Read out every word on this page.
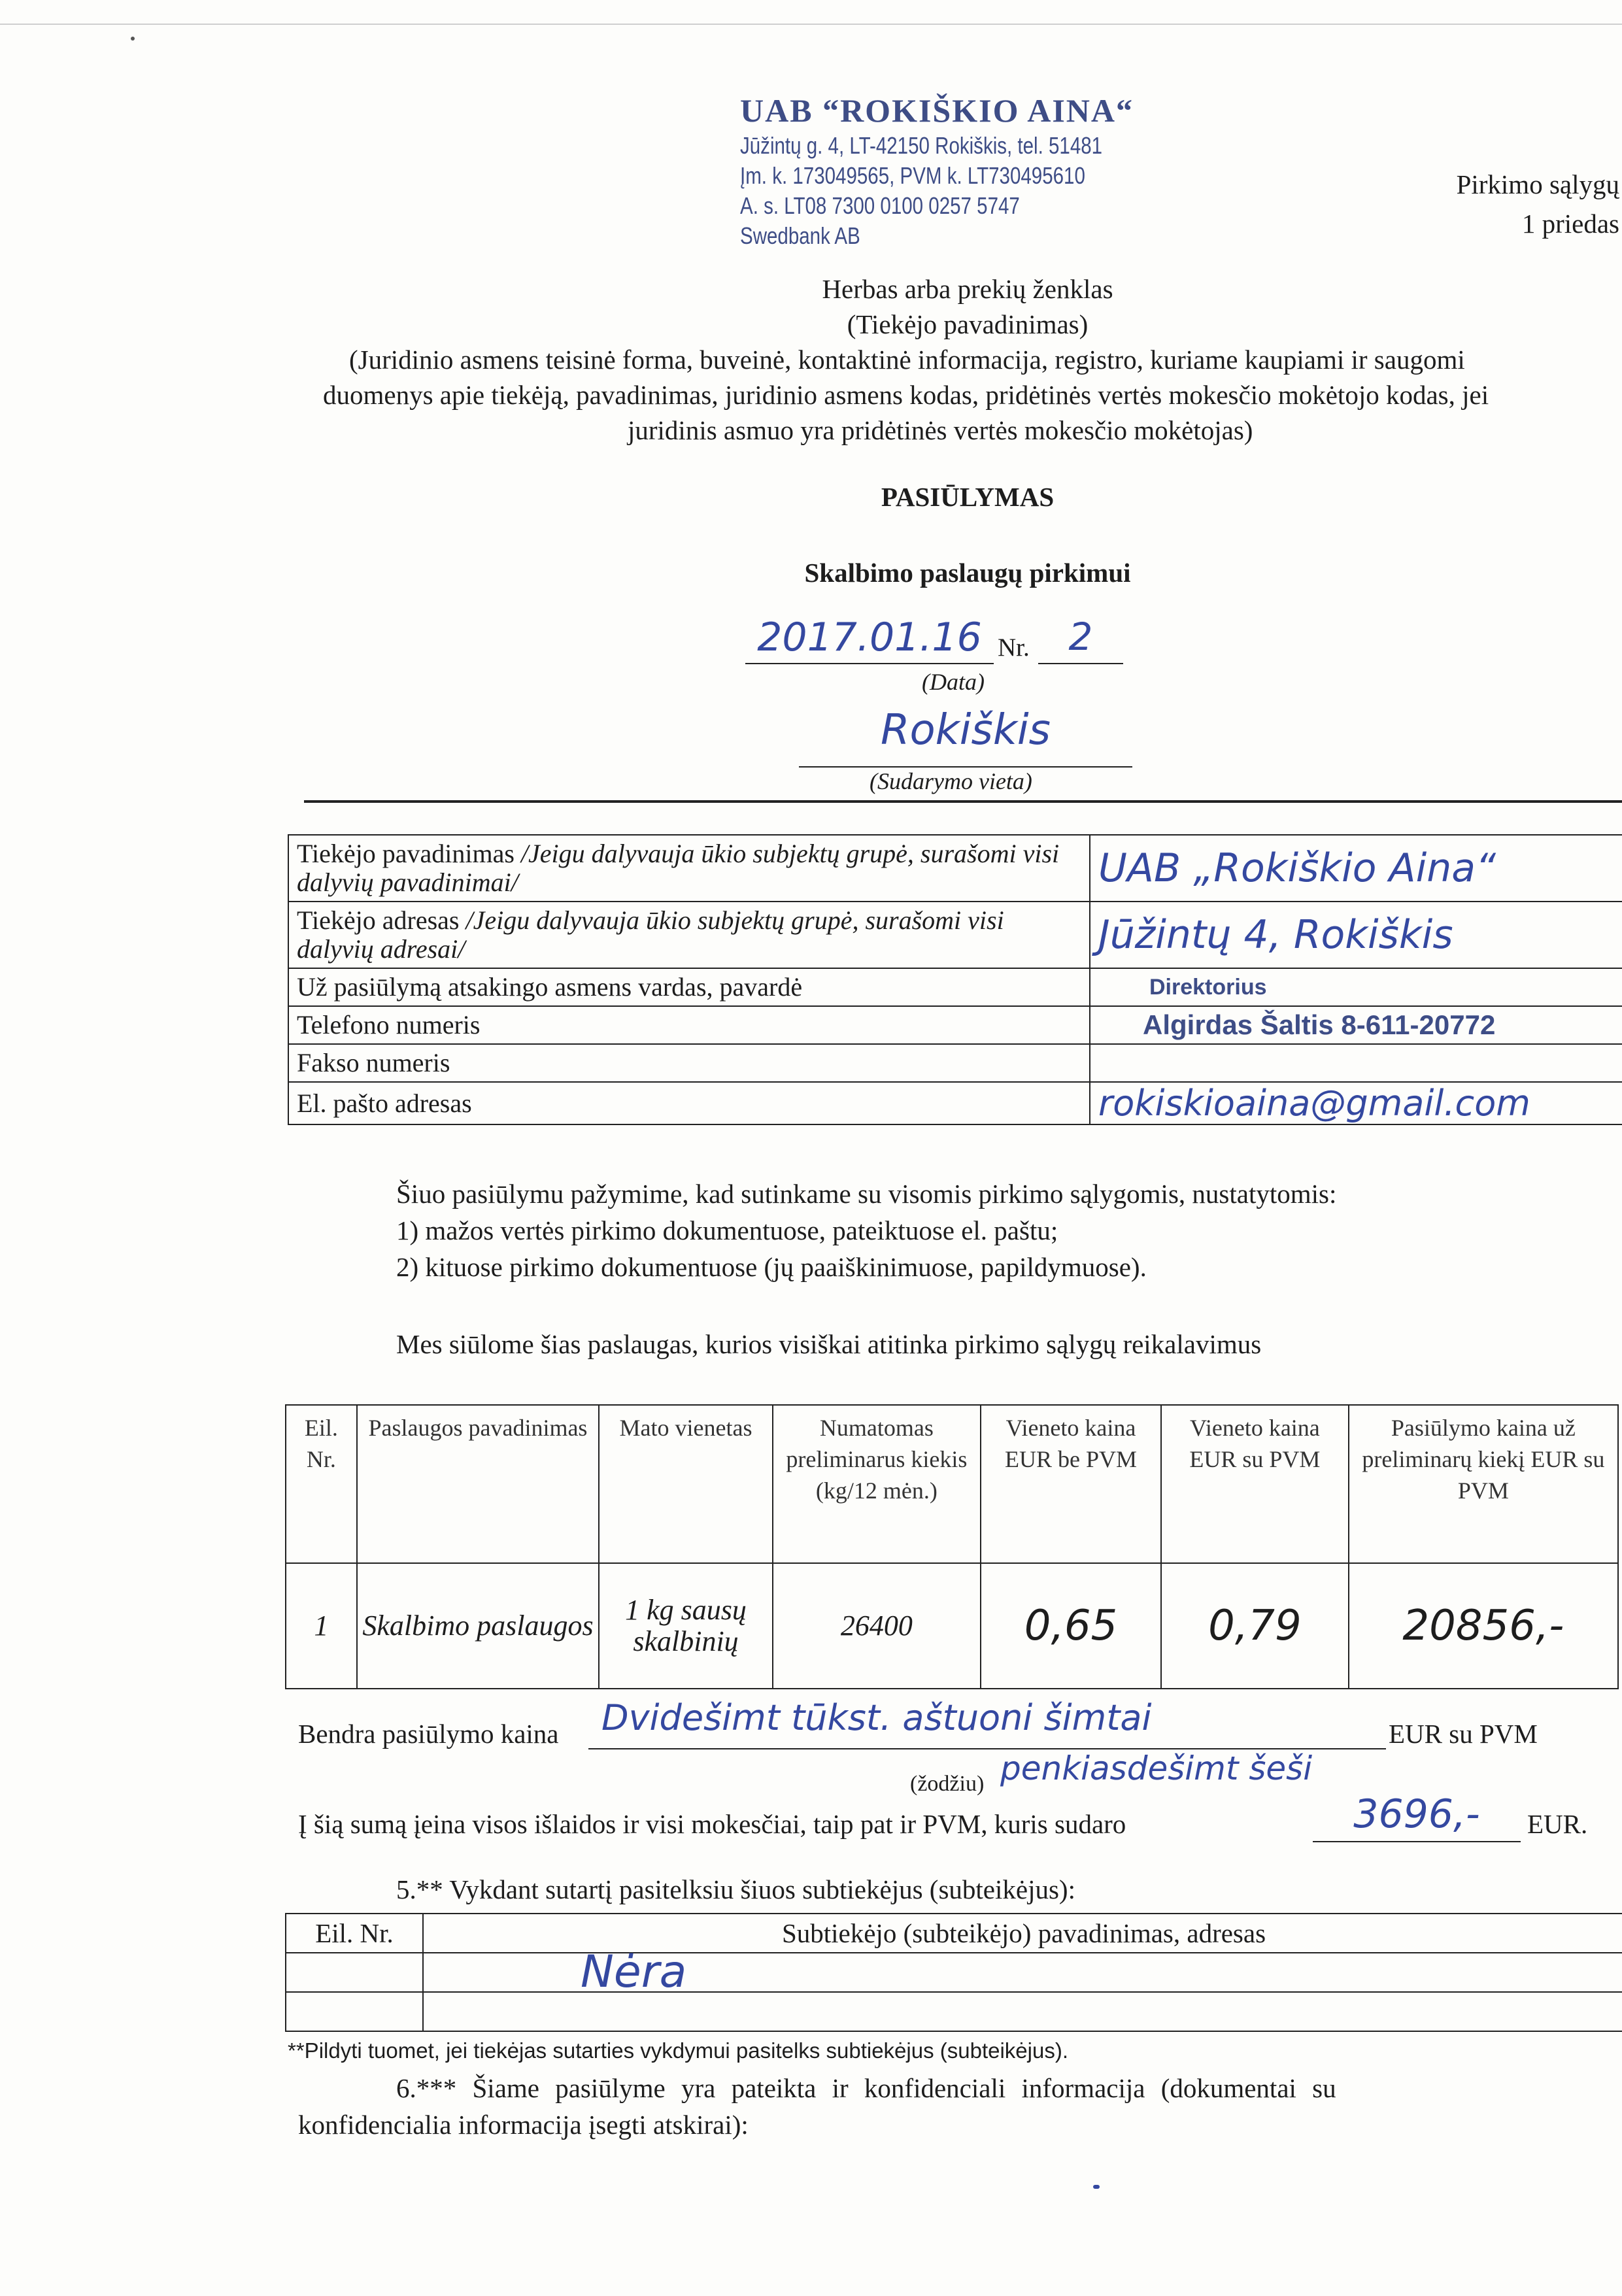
UAB “ROKIŠKIO AINA“
Jūžintų g. 4, LT-42150 Rokiškis, tel. 51481
Įm. k. 173049565, PVM k. LT730495610
A. s. LT08 7300 0100 0257 5747
Swedbank AB
Pirkimo sąlygų
1 priedas
Herbas arba prekių ženklas
(Tiekėjo pavadinimas)
(Juridinio asmens teisinė forma, buveinė, kontaktinė informacija, registro, kuriame kaupiami ir saugomi
duomenys apie tiekėją, pavadinimas, juridinio asmens kodas, pridėtinės vertės mokesčio mokėtojo kodas, jei
juridinis asmuo yra pridėtinės vertės mokesčio mokėtojas)
PASIŪLYMAS
Skalbimo paslaugų pirkimui
2017.01.16 Nr.	2
(Data)
Rokiškis
(Sudarymo vieta)
Tiekėjo pavadinimas /Jeigu dalyvauja ūkio subjektų grupė, surašomi visi dalyvių pavadinimai/	UAB „Rokiškio Aina“
Tiekėjo adresas /Jeigu dalyvauja ūkio subjektų grupė, surašomi visi dalyvių adresai/	Jūžintų 4, Rokiškis
Už pasiūlymą atsakingo asmens vardas, pavardė	Direktorius
Telefono numeris	Algirdas Šaltis 8-611-20772
Fakso numeris	
El. pašto adresas	rokiskioaina@gmail.com
Šiuo pasiūlymu pažymime, kad sutinkame su visomis pirkimo sąlygomis, nustatytomis:
1) mažos vertės pirkimo dokumentuose, pateiktuose el. paštu;
2) kituose pirkimo dokumentuose (jų paaiškinimuose, papildymuose).
Mes siūlome šias paslaugas, kurios visiškai atitinka pirkimo sąlygų reikalavimus
Eil. Nr.	Paslaugos pavadinimas	Mato vienetas	Numatomas preliminarus kiekis (kg/12 mėn.)	Vieneto kaina EUR be PVM	Vieneto kaina EUR su PVM	Pasiūlymo kaina už preliminarų kiekį EUR su PVM
1	Skalbimo paslaugos	1 kg sausų skalbinių	26400	0,65	0,79	20856,-
Bendra pasiūlymo kaina	Dvidešimt tūkst. aštuoni šimtai	EUR su PVM
penkiasdešimt šeši
(žodžiu)
Į šią sumą įeina visos išlaidos ir visi mokesčiai, taip pat ir PVM, kuris sudaro	3696,-	EUR.
5.** Vykdant sutartį pasitelksiu šiuos subtiekėjus (subteikėjus):
Eil. Nr.	Subtiekėjo (subteikėjo) pavadinimas, adresas
	Nėra

**Pildyti tuomet, jei tiekėjas sutarties vykdymui pasitelks subtiekėjus (subteikėjus).
6.*** Šiame pasiūlyme yra pateikta ir konfidenciali informacija (dokumentai su
konfidencialia informacija įsegti atskirai):
